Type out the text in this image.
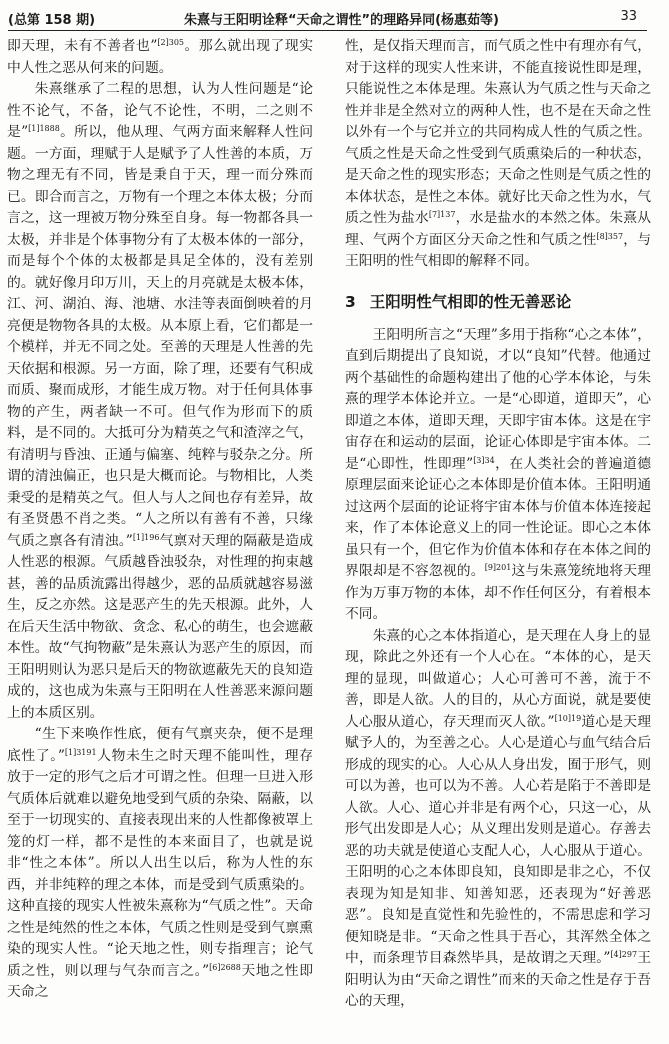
(总第 158 期)	朱熹与王阳明诠释“天命之谓性”的理路异同(杨惠茹等)	33

即天理，未有不善者也”$^{[2]305}$。那么就出现了现实中人性之恶从何来的问题。

朱熹继承了二程的思想，认为人性问题是“论性不论气，不备，论气不论性，不明，二之则不是”$^{[1]1888}$。所以，他从理、气两方面来解释人性问题。一方面，理赋于人是赋予了人性善的本质，万物之理无有不同，皆是秉自于天，理一而分殊而已。即合而言之，万物有一个理之本体太极；分而言之，这一理被万物分殊至自身。每一物都各具一太极，并非是个体事物分有了太极本体的一部分，而是每个个体的太极都是具足全体的，没有差别的。就好像月印万川，天上的月亮就是太极本体，江、河、湖泊、海、池塘、水洼等表面倒映着的月亮便是物物各具的太极。从本原上看，它们都是一个模样，并无不同之处。至善的天理是人性善的先天依据和根源。另一方面，除了理，还要有气积成而质、聚而成形，才能生成万物。对于任何具体事物的产生，两者缺一不可。但气作为形而下的质料，是不同的。大抵可分为精英之气和渣滓之气，有清明与昏浊、正通与偏塞、纯粹与驳杂之分。所谓的清浊偏正，也只是大概而论。与物相比，人类秉受的是精英之气。但人与人之间也存有差异，故有圣贤愚不肖之类。“人之所以有善有不善，只缘气质之禀各有清浊。”$^{[1]196}$气禀对天理的隔蔽是造成人性恶的根源。气质越昏浊驳杂，对性理的拘束越甚，善的品质流露出得越少，恶的品质就越容易滋生，反之亦然。这是恶产生的先天根源。此外，人在后天生活中物欲、贪念、私心的萌生，也会遮蔽本性。故“气拘物蔽”是朱熹认为恶产生的原因，而王阳明则认为恶只是后天的物欲遮蔽先天的良知造成的，这也成为朱熹与王阳明在人性善恶来源问题上的本质区别。

“生下来唤作性底，便有气禀夹杂，便不是理底性了。”$^{[1]3191}$人物未生之时天理不能叫性，理存放于一定的形气之后才可谓之性。但理一旦进入形气质体后就难以避免地受到气质的杂染、隔蔽，以至于一切现实的、直接表现出来的人性都像被罩上笼的灯一样，都不是性的本来面目了，也就是说非“性之本体”。所以人出生以后，称为人性的东西，并非纯粹的理之本体，而是受到气质熏染的。这种直接的现实人性被朱熹称为“气质之性”。天命之性是纯然的性之本体，气质之性则是受到气禀熏染的现实人性。“论天地之性，则专指理言；论气质之性，则以理与气杂而言之。”$^{[6]2688}$天地之性即天命之

性，是仅指天理而言，而气质之性中有理亦有气，对于这样的现实人性来讲，不能直接说性即是理，只能说性之本体是理。朱熹认为气质之性与天命之性并非是全然对立的两种人性，也不是在天命之性以外有一个与它并立的共同构成人性的气质之性。气质之性是天命之性受到气质熏染后的一种状态，是天命之性的现实形态；天命之性则是气质之性的本体状态，是性之本体。就好比天命之性为水，气质之性为盐水$^{[7]137}$，水是盐水的本然之体。朱熹从理、气两个方面区分天命之性和气质之性$^{[8]357}$，与王阳明的性气相即的解释不同。

3 王阳明性气相即的性无善恶论

王阳明所言之“天理”多用于指称“心之本体”，直到后期提出了良知说，才以“良知”代替。他通过两个基础性的命题构建出了他的心学本体论，与朱熹的理学本体论并立。一是“心即道，道即天”，心即道之本体，道即天理，天即宇宙本体。这是在宇宙存在和运动的层面，论证心体即是宇宙本体。二是“心即性，性即理”$^{[3]34}$，在人类社会的普遍道德原理层面来论证心之本体即是价值本体。王阳明通过这两个层面的论证将宇宙本体与价值本体连接起来，作了本体论意义上的同一性论证。即心之本体虽只有一个，但它作为价值本体和存在本体之间的界限却是不容忽视的。$^{[9]201}$这与朱熹笼统地将天理作为万事万物的本体，却不作任何区分，有着根本不同。

朱熹的心之本体指道心，是天理在人身上的显现，除此之外还有一个人心在。“本体的心，是天理的显现，叫做道心；人心可善可不善，流于不善，即是人欲。人的目的，从心方面说，就是要使人心服从道心，存天理而灭人欲。”$^{[10]19}$道心是天理赋予人的，为至善之心。人心是道心与血气结合后形成的现实的心。人心从人身出发，囿于形气，则可以为善，也可以为不善。人心若是陷于不善即是人欲。人心、道心并非是有两个心，只这一心，从形气出发即是人心；从义理出发则是道心。存善去恶的功夫就是使道心支配人心，人心服从于道心。王阳明的心之本体即良知，良知即是非之心，不仅表现为知是知非、知善知恶，还表现为“好善恶恶”。良知是直觉性和先验性的，不需思虑和学习便知晓是非。“天命之性具于吾心，其浑然全体之中，而条理节目森然毕具，是故谓之天理。”$^{[4]297}$王阳明认为由“天命之谓性”而来的天命之性是存于吾心的天理，
